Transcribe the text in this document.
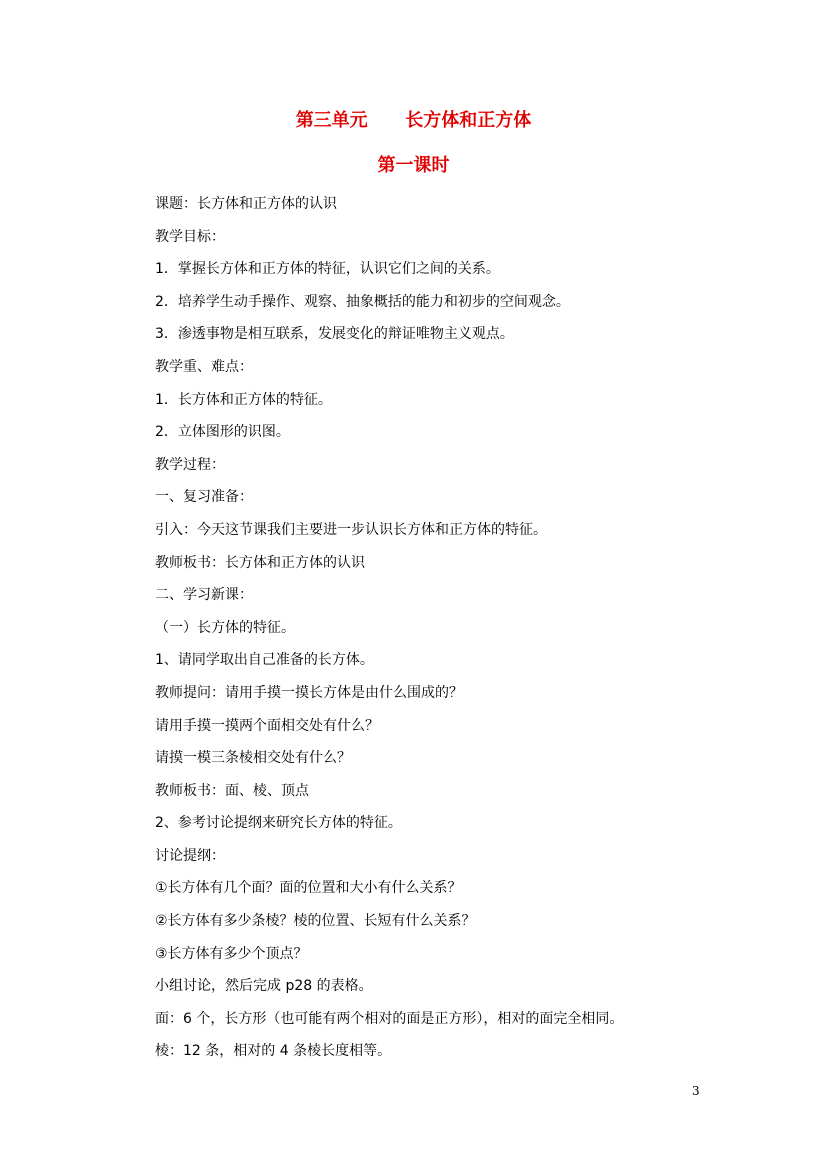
第三单元      长方体和正方体
第一课时
课题：长方体和正方体的认识
教学目标：
1．掌握长方体和正方体的特征，认识它们之间的关系。
2．培养学生动手操作、观察、抽象概括的能力和初步的空间观念。
3．渗透事物是相互联系，发展变化的辩证唯物主义观点。
教学重、难点：
1．长方体和正方体的特征。
2．立体图形的识图。
教学过程：
一、复习准备：
引入：今天这节课我们主要进一步认识长方体和正方体的特征。
教师板书：长方体和正方体的认识
二、学习新课：
（一）长方体的特征。
1、请同学取出自己准备的长方体。
教师提问：请用手摸一摸长方体是由什么围成的？
请用手摸一摸两个面相交处有什么？
请摸一模三条棱相交处有什么？
教师板书：面、棱、顶点
2、参考讨论提纲来研究长方体的特征。
讨论提纲：
①长方体有几个面？面的位置和大小有什么关系？
②长方体有多少条棱？棱的位置、长短有什么关系？
③长方体有多少个顶点？
小组讨论，然后完成 p28 的表格。
面：6 个，长方形（也可能有两个相对的面是正方形），相对的面完全相同。
棱：12 条，相对的 4 条棱长度相等。
3
